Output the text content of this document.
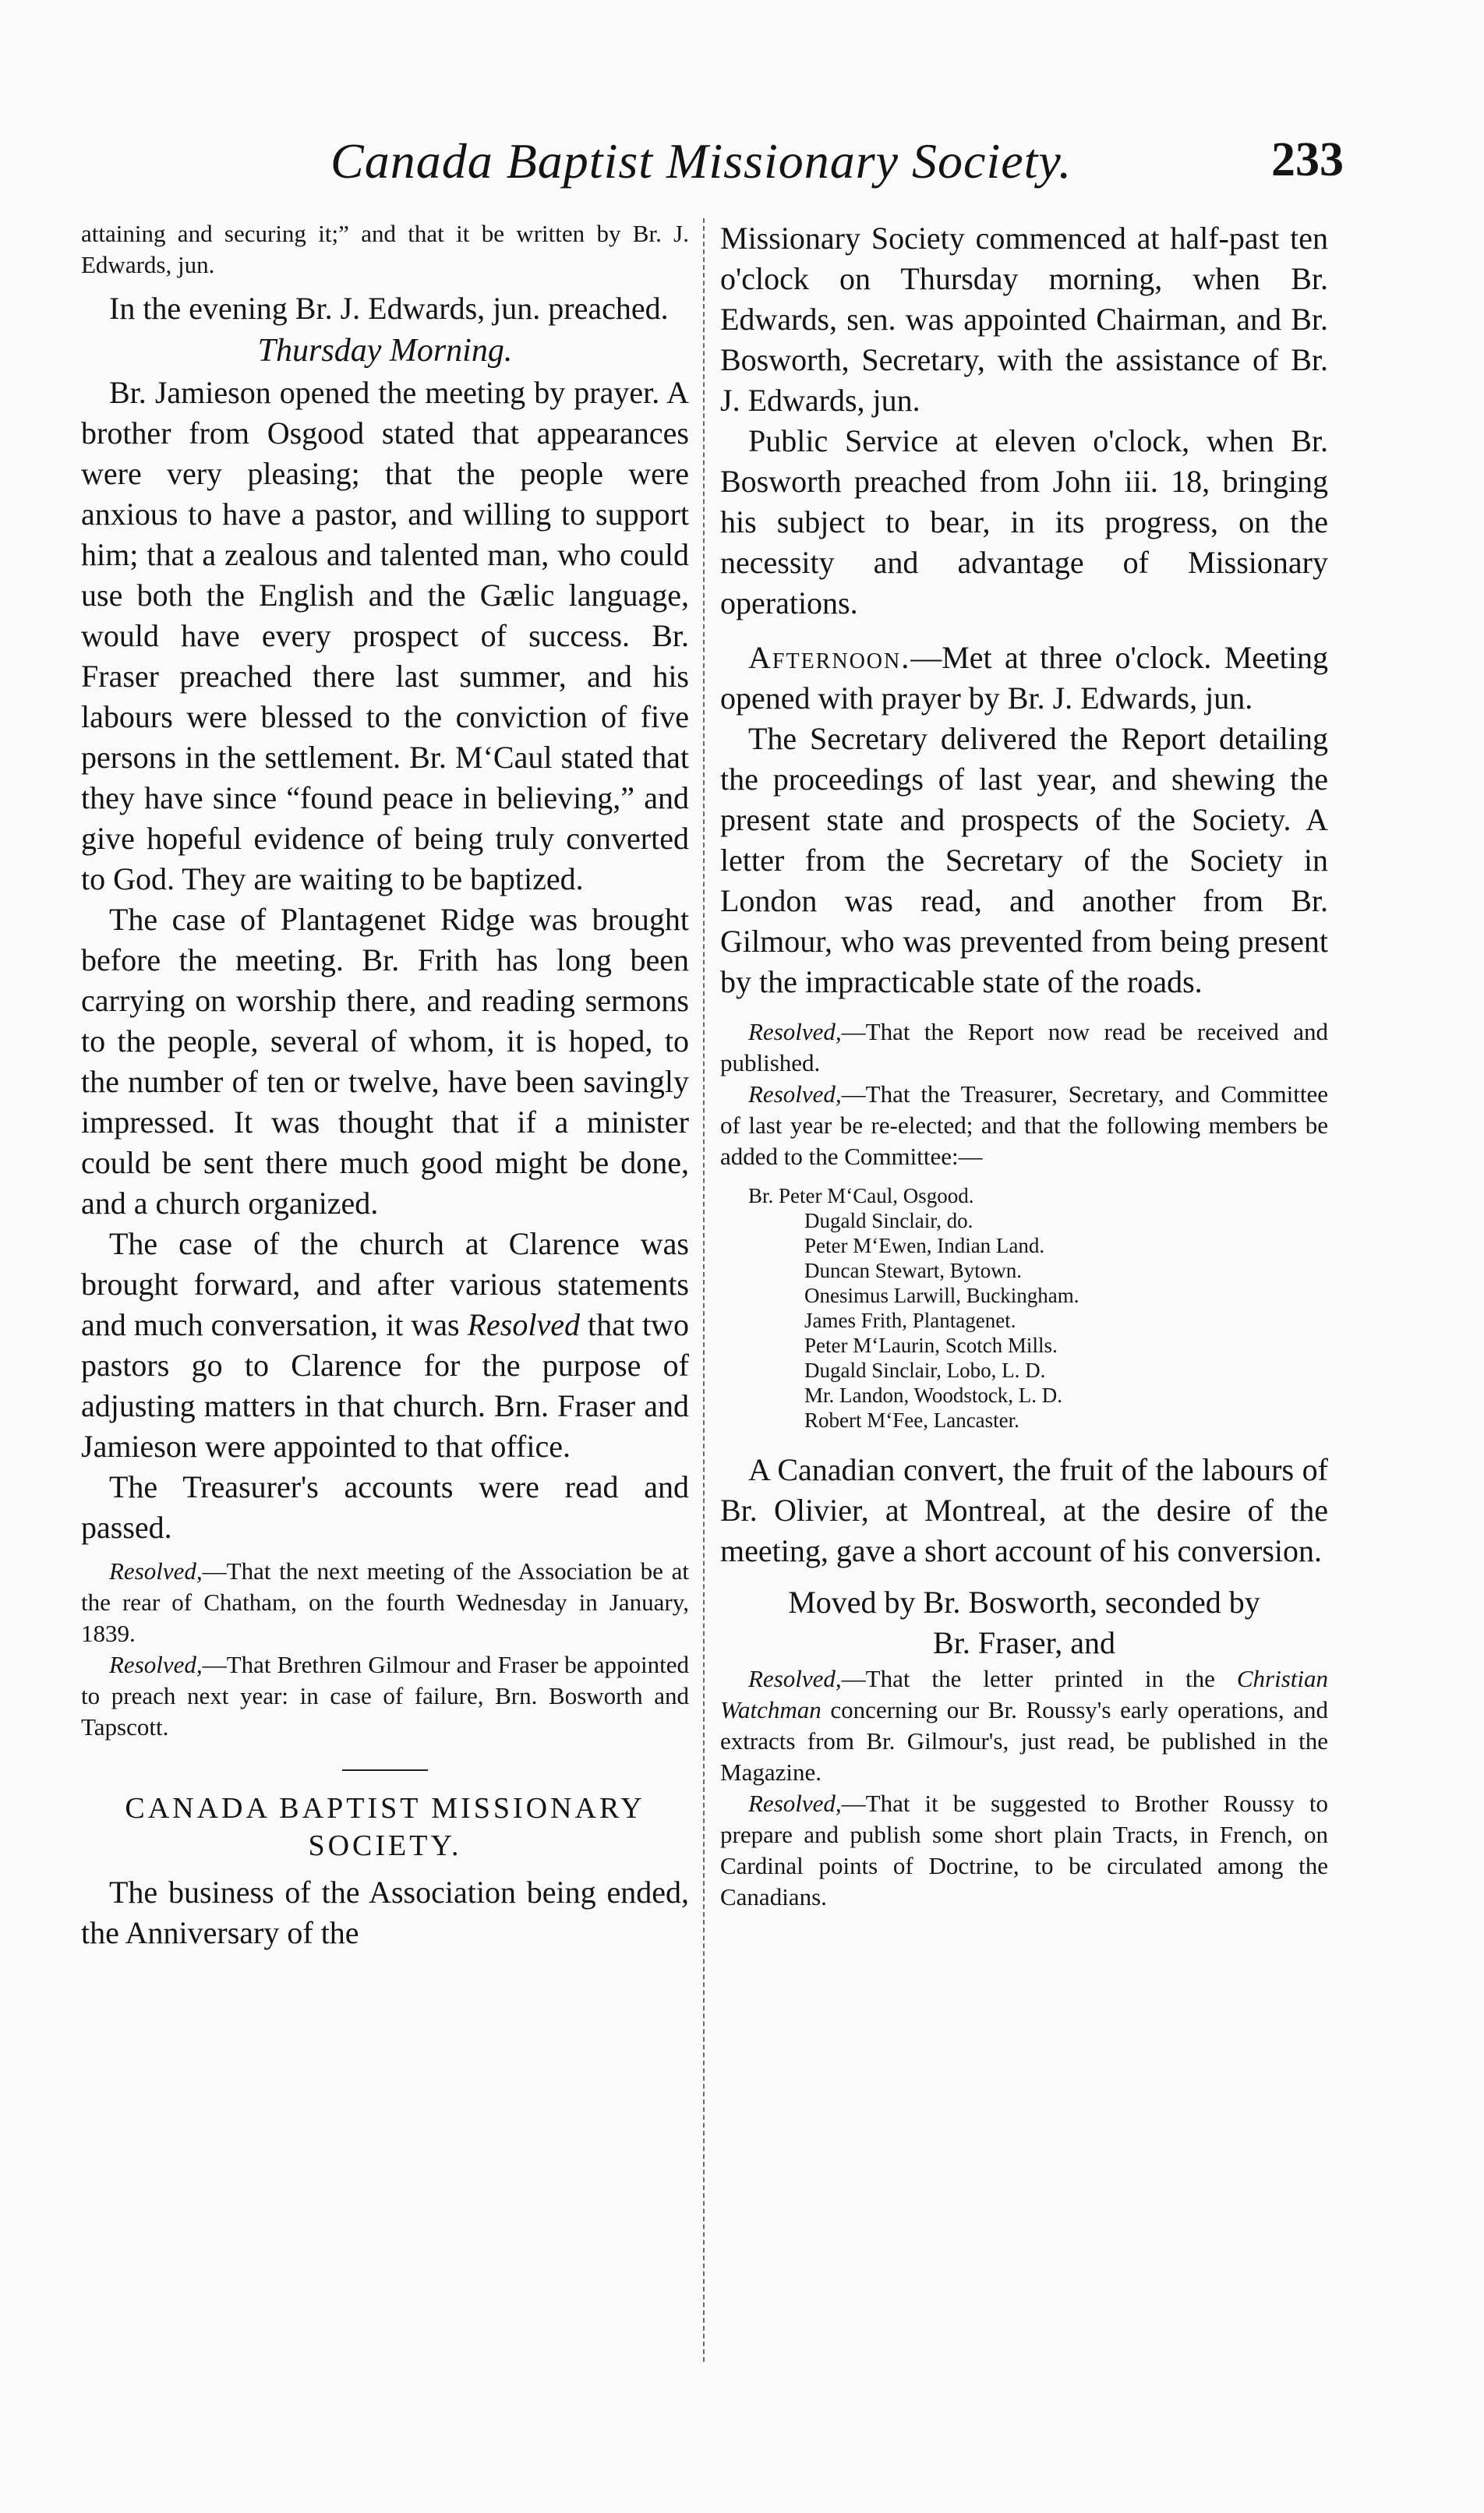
Canada Baptist Missionary Society.	233

attaining and securing it;” and that it be written by Br. J. Edwards, jun.

In the evening Br. J. Edwards, jun. preached.

Thursday Morning.

Br. Jamieson opened the meeting by prayer. A brother from Osgood stated that appearances were very pleasing; that the people were anxious to have a pastor, and willing to support him; that a zealous and talented man, who could use both the English and the Gælic language, would have every prospect of success. Br. Fraser preached there last summer, and his labours were blessed to the conviction of five persons in the settlement. Br. M‘Caul stated that they have since “found peace in believing,” and give hopeful evidence of being truly converted to God. They are waiting to be baptized.

The case of Plantagenet Ridge was brought before the meeting. Br. Frith has long been carrying on worship there, and reading sermons to the people, several of whom, it is hoped, to the number of ten or twelve, have been savingly impressed. It was thought that if a minister could be sent there much good might be done, and a church organized.

The case of the church at Clarence was brought forward, and after various statements and much conversation, it was Resolved that two pastors go to Clarence for the purpose of adjusting matters in that church. Brn. Fraser and Jamieson were appointed to that office.

The Treasurer's accounts were read and passed.

Resolved,—That the next meeting of the Association be at the rear of Chatham, on the fourth Wednesday in January, 1839.

Resolved,—That Brethren Gilmour and Fraser be appointed to preach next year: in case of failure, Brn. Bosworth and Tapscott.

CANADA BAPTIST MISSIONARY
SOCIETY.

The business of the Association being ended, the Anniversary of the

Missionary Society commenced at half-past ten o'clock on Thursday morning, when Br. Edwards, sen. was appointed Chairman, and Br. Bosworth, Secretary, with the assistance of Br. J. Edwards, jun.

Public Service at eleven o'clock, when Br. Bosworth preached from John iii. 18, bringing his subject to bear, in its progress, on the necessity and advantage of Missionary operations.

Afternoon.—Met at three o'clock. Meeting opened with prayer by Br. J. Edwards, jun.

The Secretary delivered the Report detailing the proceedings of last year, and shewing the present state and prospects of the Society. A letter from the Secretary of the Society in London was read, and another from Br. Gilmour, who was prevented from being present by the impracticable state of the roads.

Resolved,—That the Report now read be received and published.

Resolved,—That the Treasurer, Secretary, and Committee of last year be re-elected; and that the following members be added to the Committee:—

Br. Peter M‘Caul, Osgood.
Dugald Sinclair, do.
Peter M‘Ewen, Indian Land.
Duncan Stewart, Bytown.
Onesimus Larwill, Buckingham.
James Frith, Plantagenet.
Peter M‘Laurin, Scotch Mills.
Dugald Sinclair, Lobo, L. D.
Mr. Landon, Woodstock, L. D.
Robert M‘Fee, Lancaster.

A Canadian convert, the fruit of the labours of Br. Olivier, at Montreal, at the desire of the meeting, gave a short account of his conversion.

Moved by Br. Bosworth, seconded by
Br. Fraser, and

Resolved,—That the letter printed in the Christian Watchman concerning our Br. Roussy's early operations, and extracts from Br. Gilmour's, just read, be published in the Magazine.

Resolved,—That it be suggested to Brother Roussy to prepare and publish some short plain Tracts, in French, on Cardinal points of Doctrine, to be circulated among the Canadians.
